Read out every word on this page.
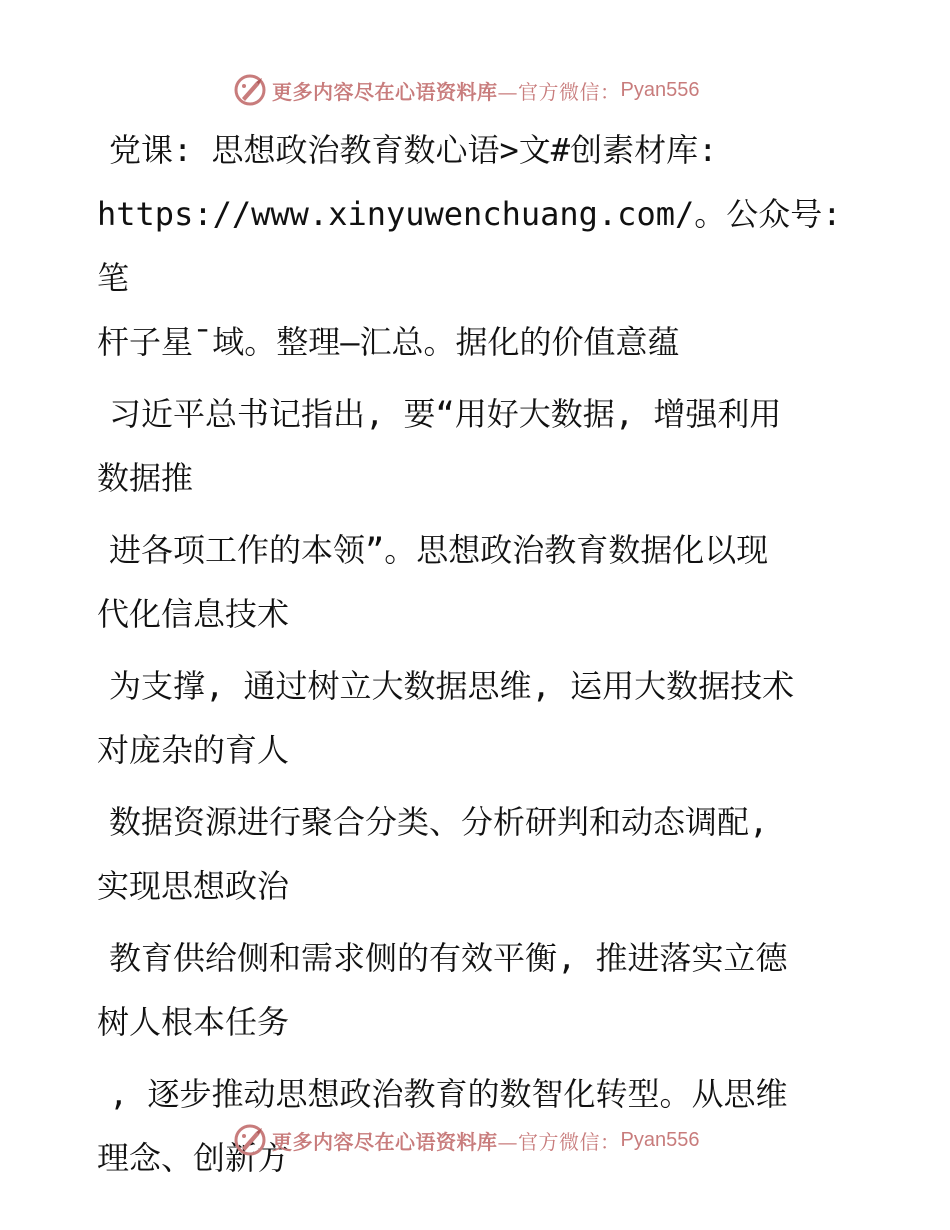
更多内容尽在心语资料库 —官方微信： Pyan556

党课: 思想政治教育数心语>文#创素材库:
https://www.xinyuwenchuang.com/。公众号: 笔
杆子星¯域。整理—汇总。据化的价值意蕴

习近平总书记指出, 要“用好大数据, 增强利用
数据推

进各项工作的本领”。思想政治教育数据化以现
代化信息技术

为支撑, 通过树立大数据思维, 运用大数据技术
对庞杂的育人

数据资源进行聚合分类、分析研判和动态调配,
实现思想政治

教育供给侧和需求侧的有效平衡, 推进落实立德
树人根本任务

, 逐步推动思想政治教育的数智化转型。从思维
理念、创新方

更多内容尽在心语资料库 —官方微信： Pyan556
